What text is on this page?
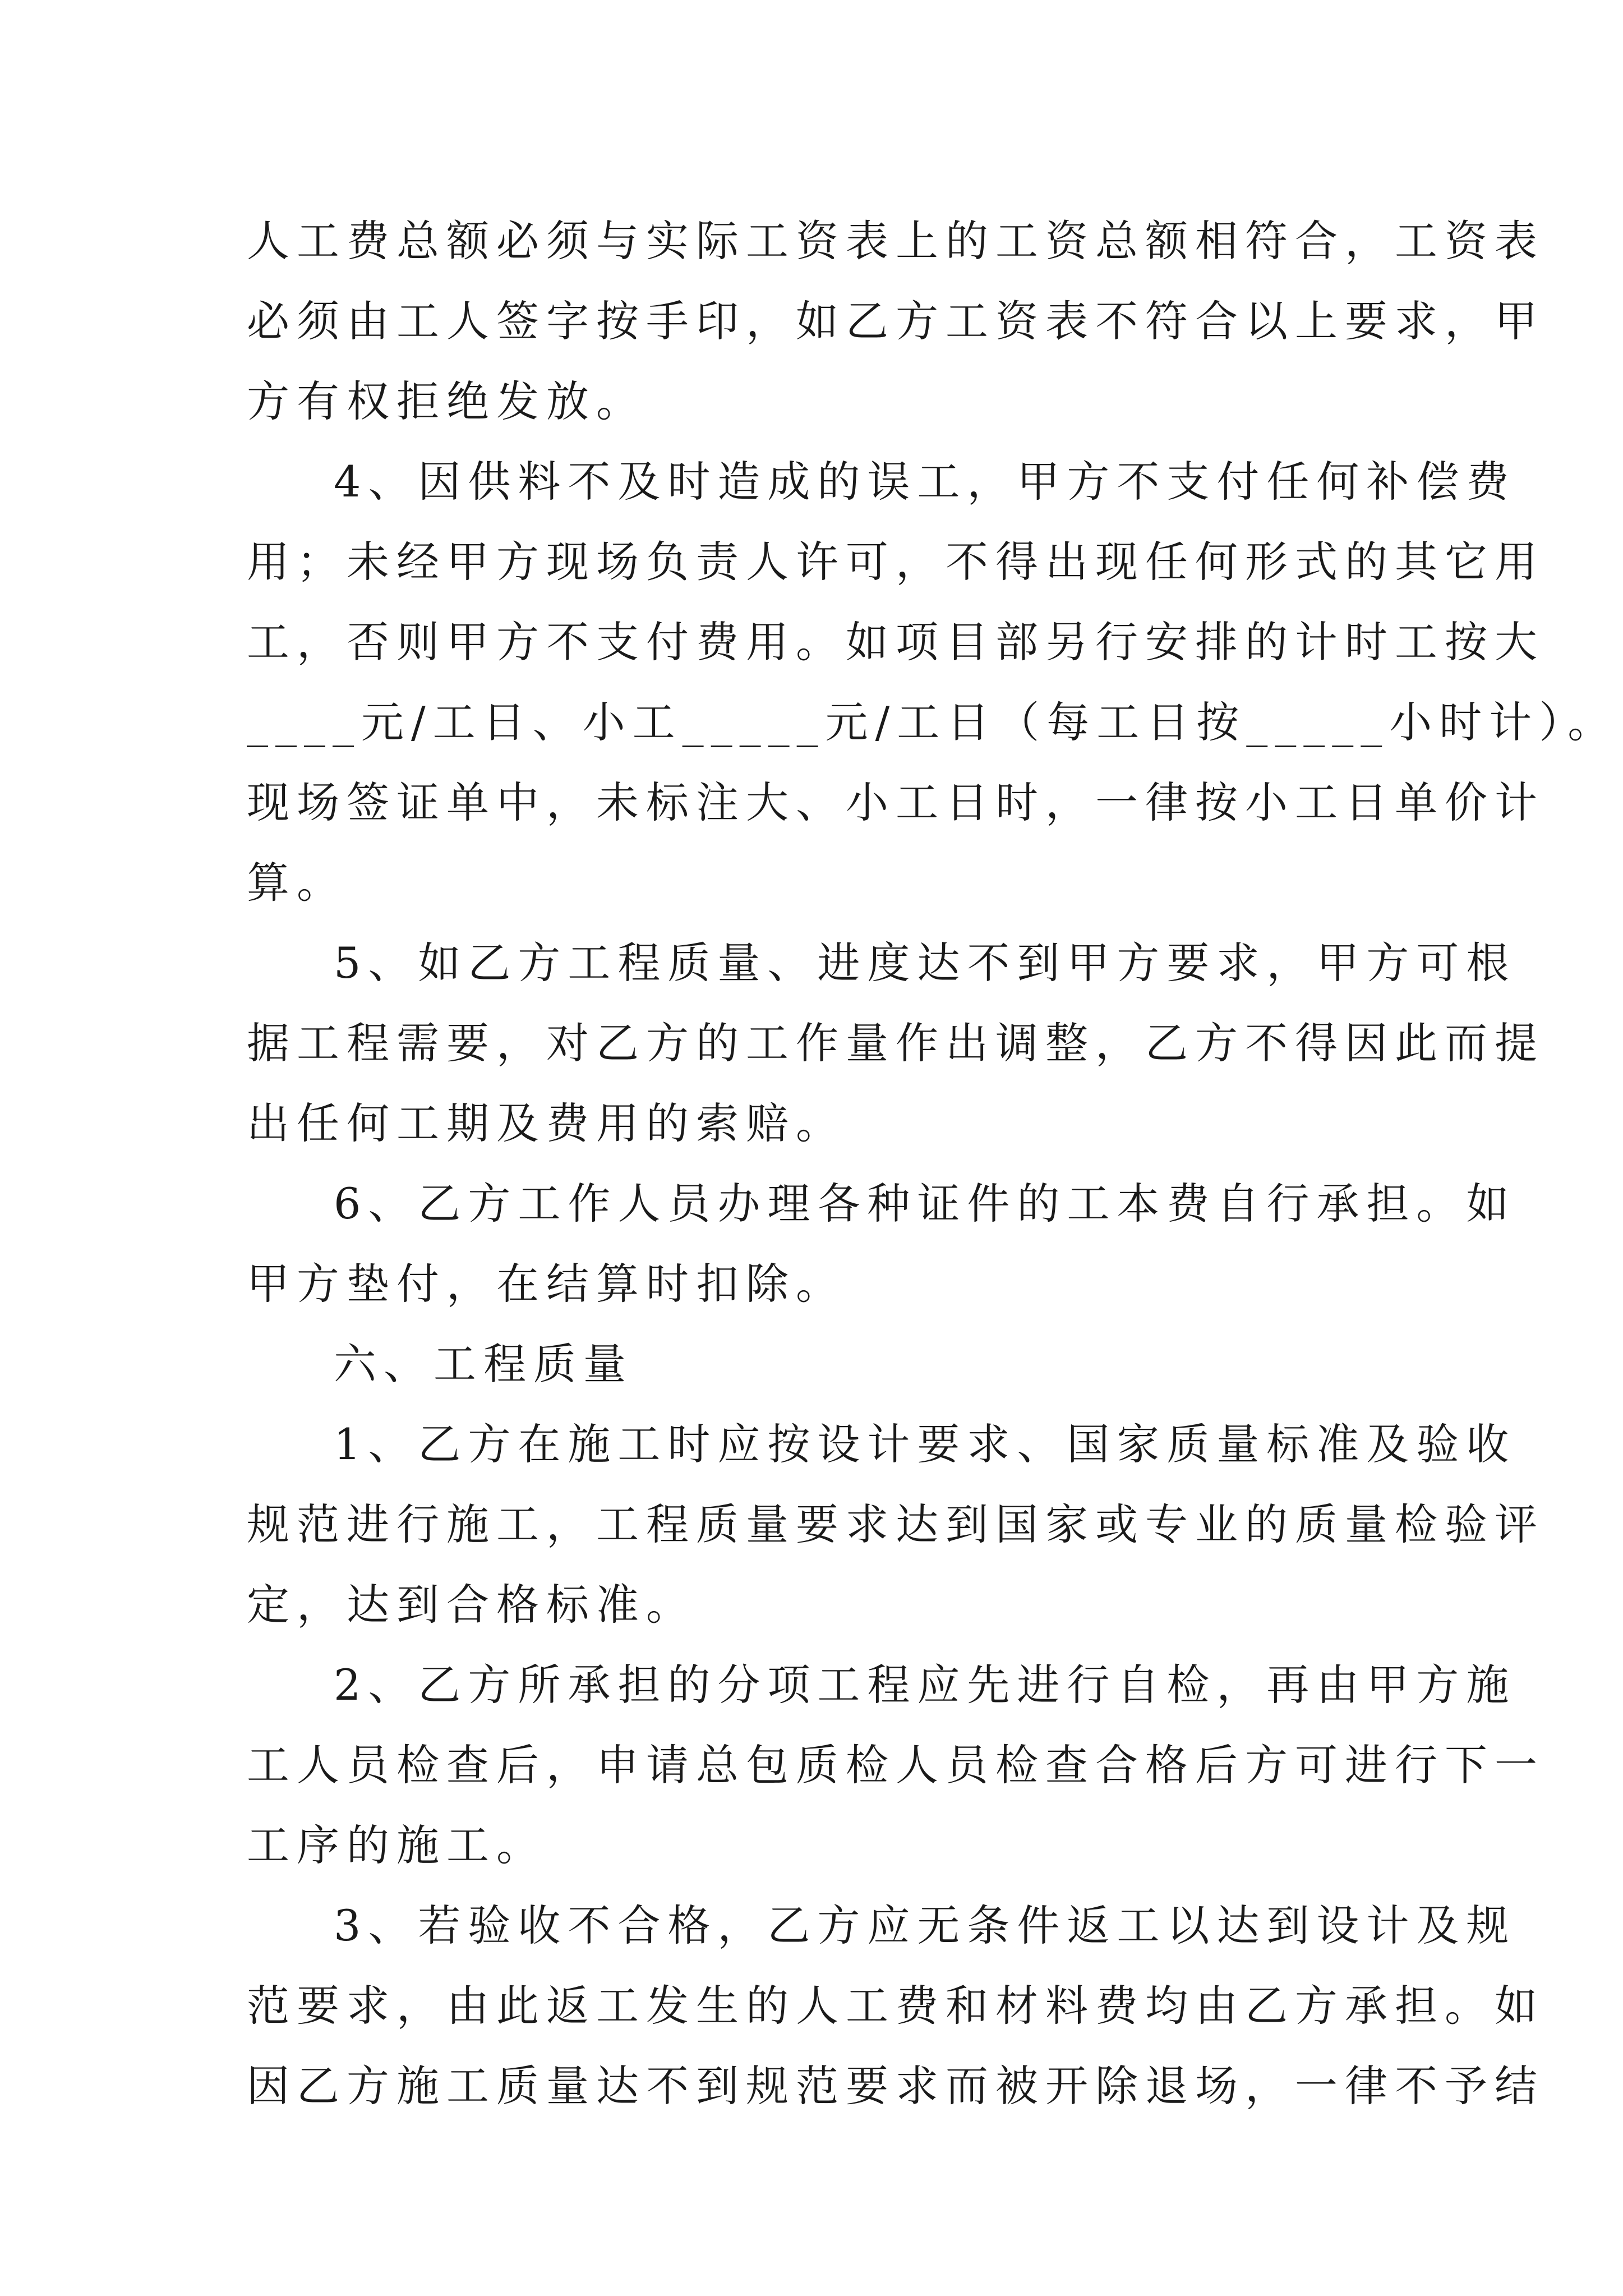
人工费总额必须与实际工资表上的工资总额相符合，工资表
必须由工人签字按手印，如乙方工资表不符合以上要求，甲
方有权拒绝发放。
4、因供料不及时造成的误工，甲方不支付任何补偿费
用；未经甲方现场负责人许可，不得出现任何形式的其它用
工，否则甲方不支付费用。如项目部另行安排的计时工按大
____元/工日、小工_____元/工日（每工日按_____小时计）。
现场签证单中，未标注大、小工日时，一律按小工日单价计
算。
5、如乙方工程质量、进度达不到甲方要求，甲方可根
据工程需要，对乙方的工作量作出调整，乙方不得因此而提
出任何工期及费用的索赔。
6、乙方工作人员办理各种证件的工本费自行承担。如
甲方垫付，在结算时扣除。
六、工程质量
1、乙方在施工时应按设计要求、国家质量标准及验收
规范进行施工，工程质量要求达到国家或专业的质量检验评
定，达到合格标准。
2、乙方所承担的分项工程应先进行自检，再由甲方施
工人员检查后，申请总包质检人员检查合格后方可进行下一
工序的施工。
3、若验收不合格，乙方应无条件返工以达到设计及规
范要求，由此返工发生的人工费和材料费均由乙方承担。如
因乙方施工质量达不到规范要求而被开除退场，一律不予结
